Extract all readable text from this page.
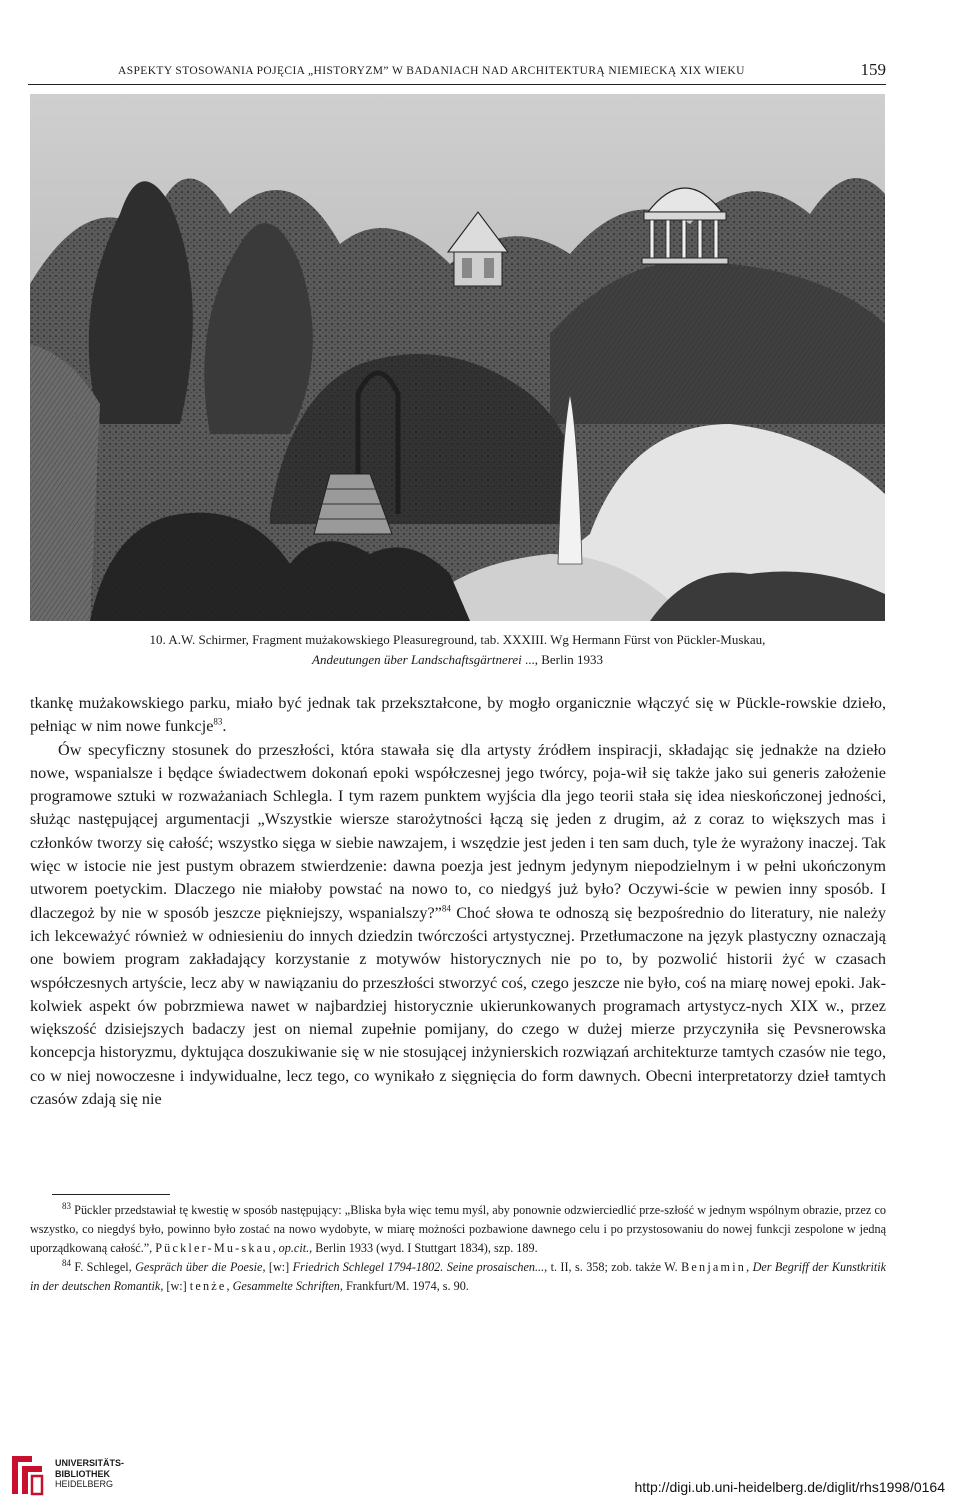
ASPEKTY STOSOWANIA POJĘCIA „HISTORYZM” W BADANIACH NAD ARCHITEKTURĄ NIEMIECKĄ XIX WIEKU	159
10. A.W. Schirmer, Fragment mużakowskiego Pleasureground, tab. XXXIII. Wg Hermann Fürst von Pückler-Muskau,
Andeutungen über Landschaftsgärtnerei ..., Berlin 1933

tkankę mużakowskiego parku, miało być jednak tak przekształcone, by mogło organicznie włączyć się w Pückle-rowskie dzieło, pełniąc w nim nowe funkcje$^{83}$.

Ów specyficzny stosunek do przeszłości, która stawała się dla artysty źródłem inspiracji, składając się jednakże na dzieło nowe, wspanialsze i będące świadectwem dokonań epoki współczesnej jego twórcy, poja-wił się także jako sui generis założenie programowe sztuki w rozważaniach Schlegla. I tym razem punktem wyjścia dla jego teorii stała się idea nieskończonej jedności, służąc następującej argumentacji „Wszystkie wiersze starożytności łączą się jeden z drugim, aż z coraz to większych mas i członków tworzy się całość; wszystko sięga w siebie nawzajem, i wszędzie jest jeden i ten sam duch, tyle że wyrażony inaczej. Tak więc w istocie nie jest pustym obrazem stwierdzenie: dawna poezja jest jednym jedynym niepodzielnym i w pełni ukończonym utworem poetyckim. Dlaczego nie miałoby powstać na nowo to, co niedgyś już było? Oczywi-ście w pewien inny sposób. I dlaczegoż by nie w sposób jeszcze piękniejszy, wspanialszy?”$^{84}$ Choć słowa te odnoszą się bezpośrednio do literatury, nie należy ich lekceważyć również w odniesieniu do innych dziedzin twórczości artystycznej. Przetłumaczone na język plastyczny oznaczają one bowiem program zakładający korzystanie z motywów historycznych nie po to, by pozwolić historii żyć w czasach współczesnych artyście, lecz aby w nawiązaniu do przeszłości stworzyć coś, czego jeszcze nie było, coś na miarę nowej epoki. Jak-kolwiek aspekt ów pobrzmiewa nawet w najbardziej historycznie ukierunkowanych programach artystycz-nych XIX w., przez większość dzisiejszych badaczy jest on niemal zupełnie pomijany, do czego w dużej mierze przyczyniła się Pevsnerowska koncepcja historyzmu, dyktująca doszukiwanie się w nie stosującej inżynierskich rozwiązań architekturze tamtych czasów nie tego, co w niej nowoczesne i indywidualne, lecz tego, co wynikało z sięgnięcia do form dawnych. Obecni interpretatorzy dzieł tamtych czasów zdają się nie

$^{83}$ Pückler przedstawiał tę kwestię w sposób następujący: „Bliska była więc temu myśl, aby ponownie odzwierciedlić prze-szłość w jednym wspólnym obrazie, przez co wszystko, co niegdyś było, powinno było zostać na nowo wydobyte, w miarę możności pozbawione dawnego celu i po przystosowaniu do nowej funkcji zespolone w jedną uporządkowaną całość.”, Pückler-Mu-skau, op.cit., Berlin 1933 (wyd. I Stuttgart 1834), szp. 189.

$^{84}$ F. Schlegel, Gespräch über die Poesie, [w:] Friedrich Schlegel 1794-1802. Seine prosaischen..., t. II, s. 358; zob. także W. Benjamin, Der Begriff der Kunstkritik in der deutschen Romantik, [w:] tenże, Gesammelte Schriften, Frankfurt/M. 1974, s. 90.

UNIVERSITÄTS-
BIBLIOTHEK
HEIDELBERG	http://digi.ub.uni-heidelberg.de/diglit/rhs1998/0164
